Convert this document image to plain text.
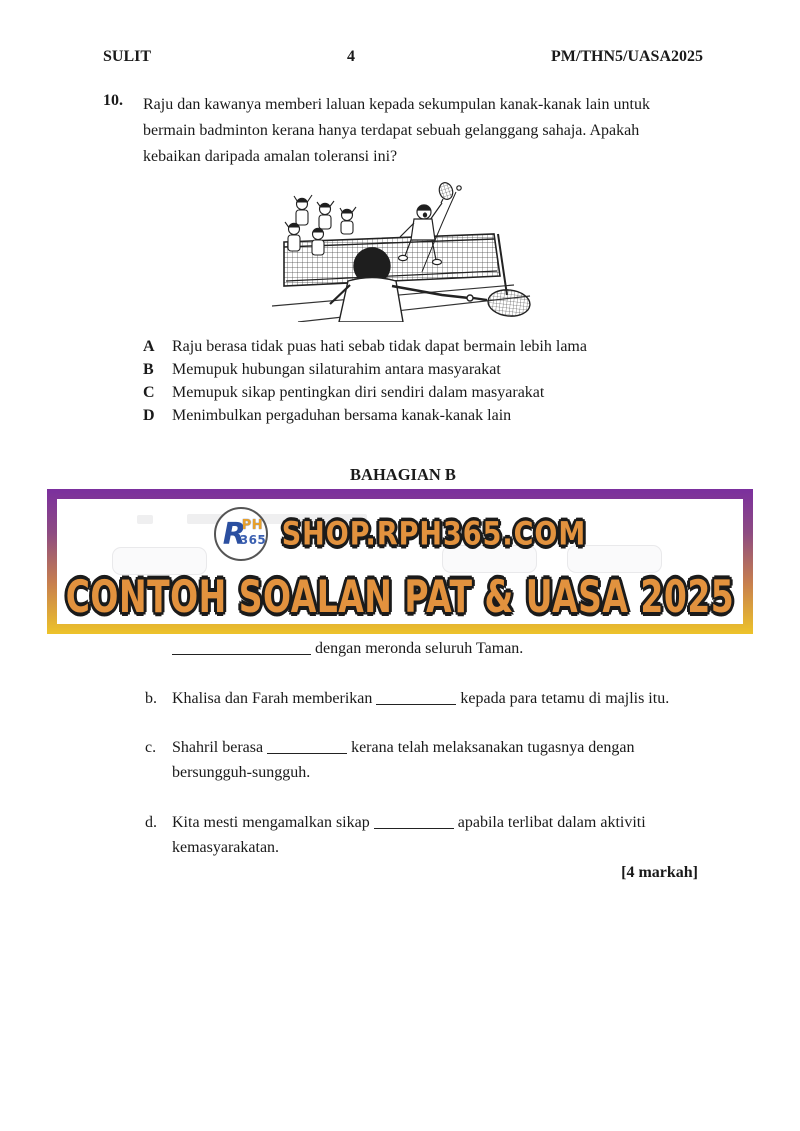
SULIT	4	PM/THN5/UASA2025
10.	Raju dan kawanya memberi laluan kepada sekumpulan kanak-kanak lain untuk bermain badminton kerana hanya terdapat sebuah gelanggang sahaja. Apakah kebaikan daripada amalan toleransi ini?
A	Raju berasa tidak puas hati sebab tidak dapat bermain lebih lama
B	Memupuk hubungan silaturahim antara masyarakat
C	Memupuk sikap pentingkan diri sendiri dalam masyarakat
D	Menimbulkan pergaduhan bersama kanak-kanak lain
BAHAGIAN B
R
PH
365 SHOP.RPH365.COM
CONTOH SOALAN PAT & UASA 2025
dengan meronda seluruh Taman.
b. Khalisa dan Farah memberikan	kepada para tetamu di majlis itu.
c. Shahril berasa	kerana telah melaksanakan tugasnya dengan
bersungguh-sungguh.
d. Kita mesti mengamalkan sikap	apabila terlibat dalam aktiviti
kemasyarakatan.
[4 markah]
